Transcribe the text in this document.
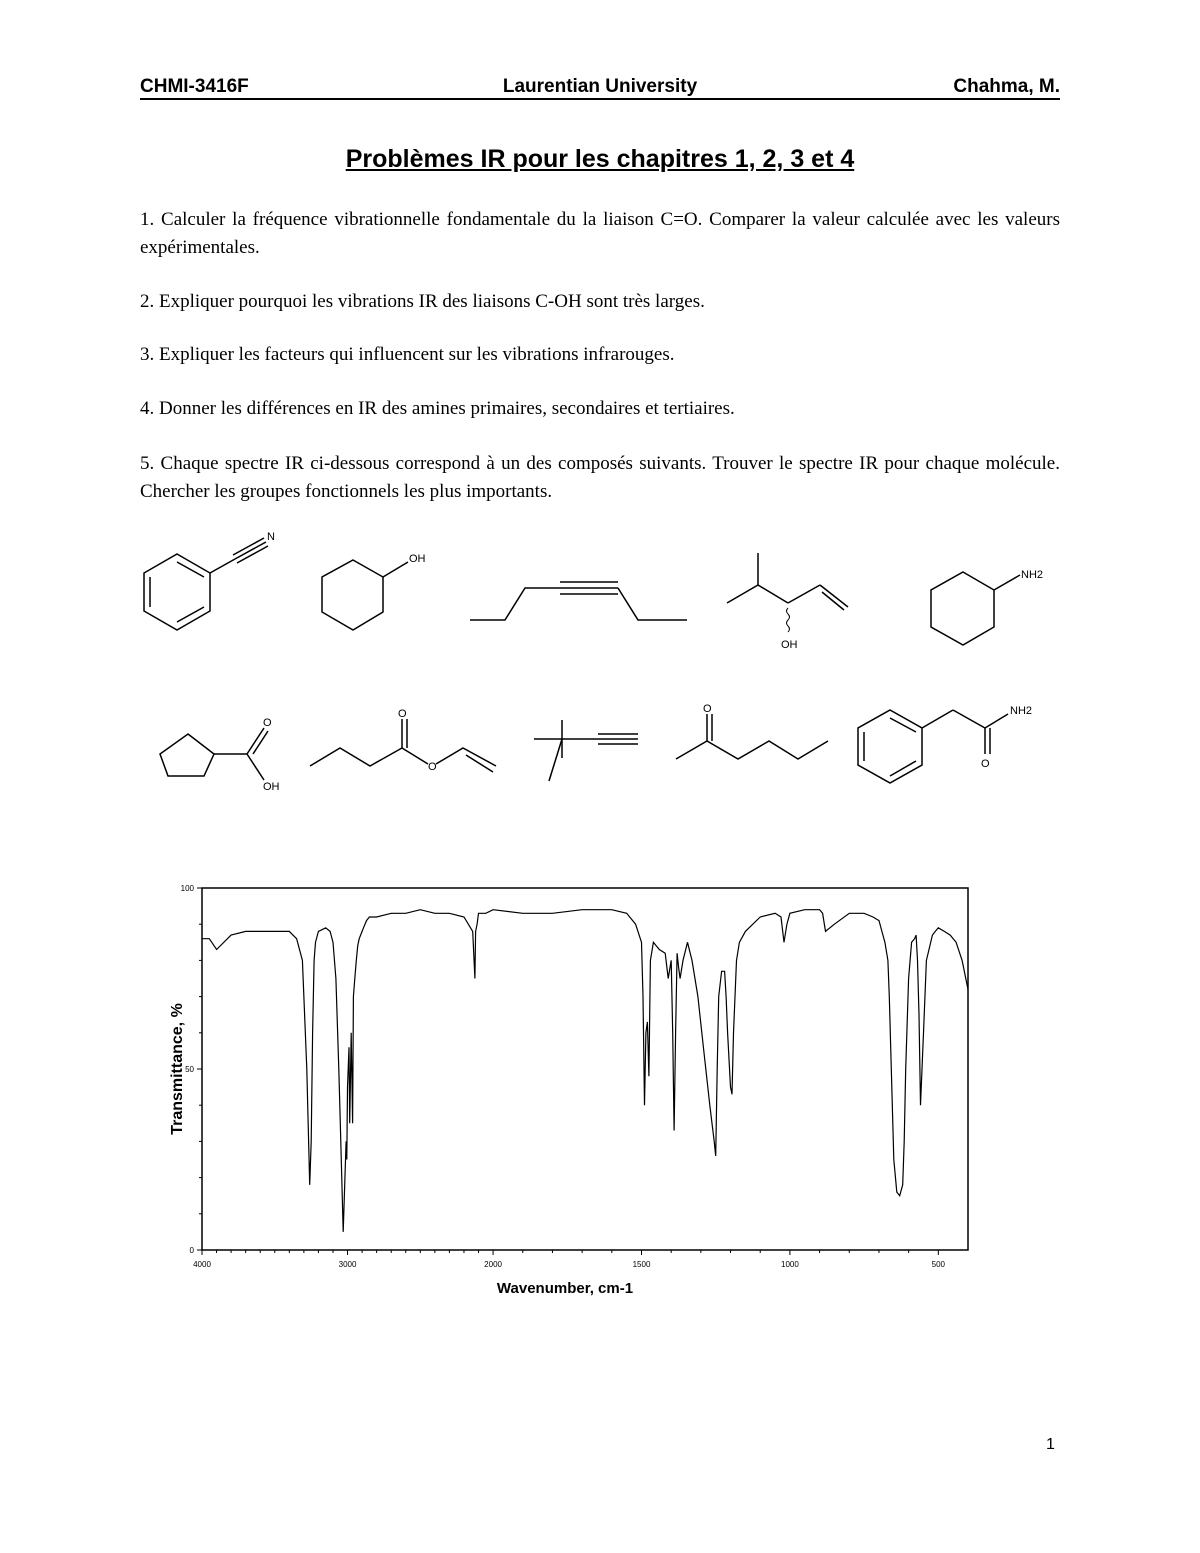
Laurentian University
CHMI-3416F	Chahma, M.
Problèmes IR pour les chapitres 1, 2, 3 et 4
1. Calculer la fréquence vibrationnelle fondamentale du la liaison C=O. Comparer la valeur calculée avec les valeurs expérimentales.
2. Expliquer pourquoi les vibrations IR des liaisons C-OH sont très larges.
3. Expliquer les facteurs qui influencent sur les vibrations infrarouges.
4. Donner les différences en IR des amines primaires, secondaires et tertiaires.
5. Chaque spectre IR ci-dessous correspond à un des composés suivants. Trouver le spectre IR pour chaque molécule. Chercher les groupes fonctionnels les plus importants.
N
OH
OH
NH2
O
OH
O
O
O	NH2
O
100
50
0
4000	3000	2000	1500	1000	500
Transmittance, %
Wavenumber, cm-1
1
